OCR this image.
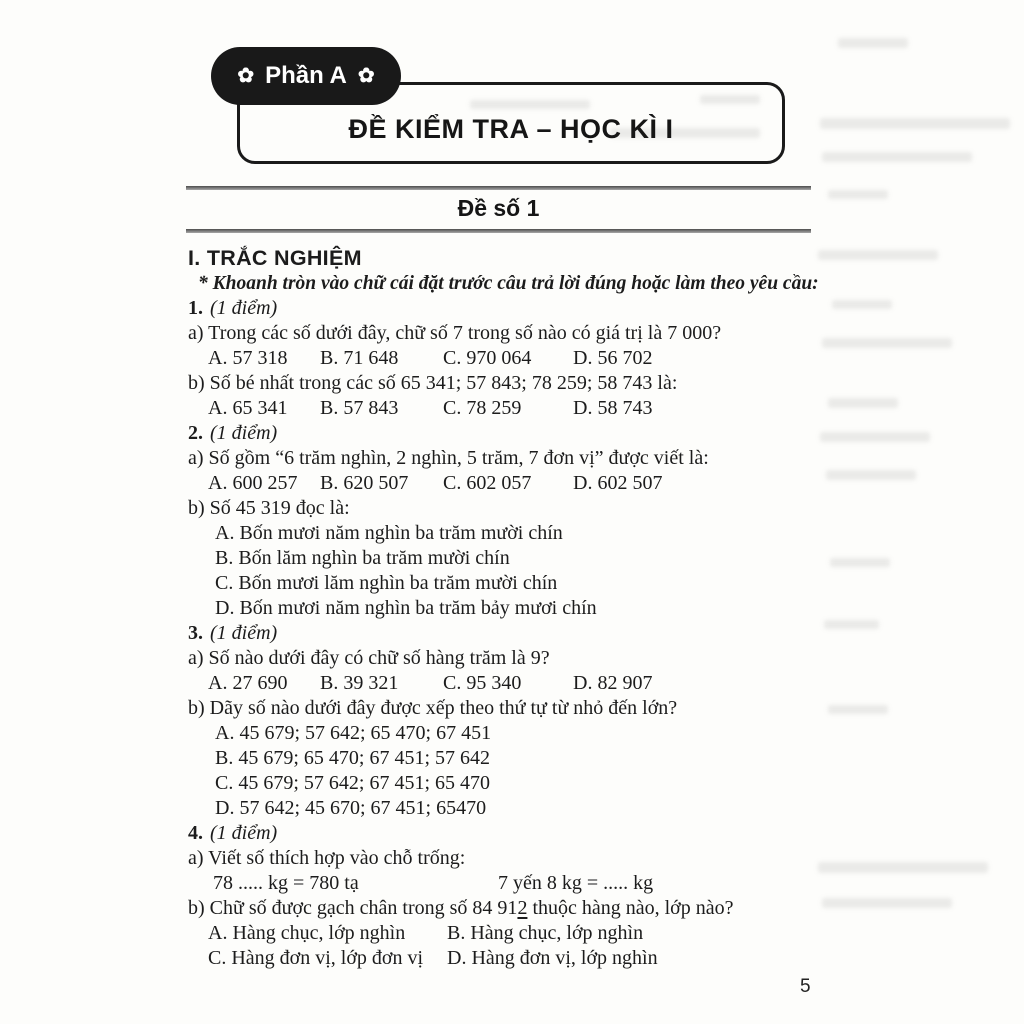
✿ Phần A ✿
ĐỀ KIỂM TRA – HỌC KÌ I
Đề số 1
I. TRẮC NGHIỆM
* Khoanh tròn vào chữ cái đặt trước câu trả lời đúng hoặc làm theo yêu cầu:
1. (1 điểm)
a) Trong các số dưới đây, chữ số 7 trong số nào có giá trị là 7 000?
A. 57 318	B. 71 648	C. 970 064	D. 56 702
b) Số bé nhất trong các số 65 341; 57 843; 78 259; 58 743 là:
A. 65 341	B. 57 843	C. 78 259	D. 58 743
2. (1 điểm)
a) Số gồm “6 trăm nghìn, 2 nghìn, 5 trăm, 7 đơn vị” được viết là:
A. 600 257	B. 620 507	C. 602 057	D. 602 507
b) Số 45 319 đọc là:
A. Bốn mươi năm nghìn ba trăm mười chín
B. Bốn lăm nghìn ba trăm mười chín
C. Bốn mươi lăm nghìn ba trăm mười chín
D. Bốn mươi năm nghìn ba trăm bảy mươi chín
3. (1 điểm)
a) Số nào dưới đây có chữ số hàng trăm là 9?
A. 27 690	B. 39 321	C. 95 340	D. 82 907
b) Dãy số nào dưới đây được xếp theo thứ tự từ nhỏ đến lớn?
A. 45 679; 57 642; 65 470; 67 451
B. 45 679; 65 470; 67 451; 57 642
C. 45 679; 57 642; 67 451; 65 470
D. 57 642; 45 670; 67 451; 65470
4. (1 điểm)
a) Viết số thích hợp vào chỗ trống:
78 ..... kg = 780 tạ	7 yến 8 kg = ..... kg
b) Chữ số được gạch chân trong số 84 912 thuộc hàng nào, lớp nào?
A. Hàng chục, lớp nghìn	B. Hàng chục, lớp nghìn
C. Hàng đơn vị, lớp đơn vị	D. Hàng đơn vị, lớp nghìn
5
